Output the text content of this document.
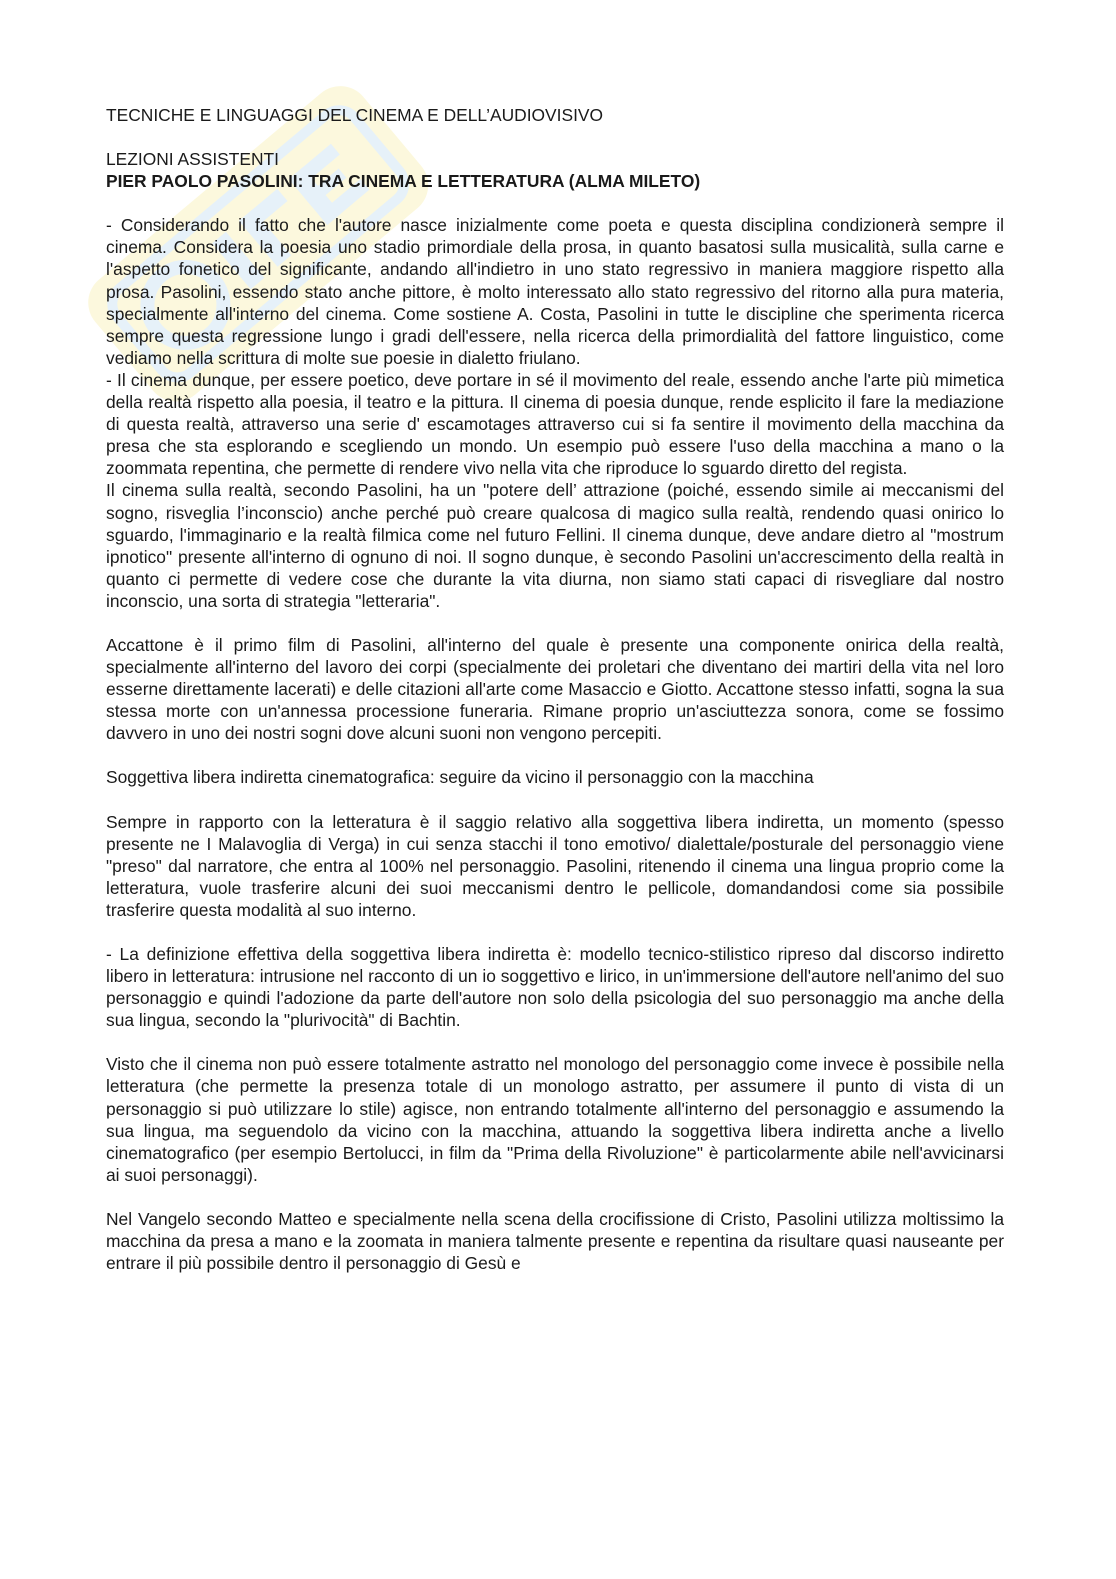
TECNICHE E LINGUAGGI DEL CINEMA E DELL’AUDIOVISIVO

LEZIONI ASSISTENTI

PIER PAOLO PASOLINI: TRA CINEMA E LETTERATURA (ALMA MILETO)

- Considerando il fatto che l'autore nasce inizialmente come poeta e questa disciplina condizionerà sempre il cinema. Considera la poesia uno stadio primordiale della prosa, in quanto basatosi sulla musicalità, sulla carne e l'aspetto fonetico del significante, andando all'indietro in uno stato regressivo in maniera maggiore rispetto alla prosa. Pasolini, essendo stato anche pittore, è molto interessato allo stato regressivo del ritorno alla pura materia, specialmente all'interno del cinema. Come sostiene A. Costa, Pasolini in tutte le discipline che sperimenta ricerca sempre questa regressione lungo i gradi dell'essere, nella ricerca della primordialità del fattore linguistico, come vediamo nella scrittura di molte sue poesie in dialetto friulano.

- Il cinema dunque, per essere poetico, deve portare in sé il movimento del reale, essendo anche l'arte più mimetica della realtà rispetto alla poesia, il teatro e la pittura. Il cinema di poesia dunque, rende esplicito il fare la mediazione di questa realtà, attraverso una serie d' escamotages attraverso cui si fa sentire il movimento della macchina da presa che sta esplorando e scegliendo un mondo. Un esempio può essere l'uso della macchina a mano o la zoommata repentina, che permette di rendere vivo nella vita che riproduce lo sguardo diretto del regista.

Il cinema sulla realtà, secondo Pasolini, ha un "potere dell’ attrazione (poiché, essendo simile ai meccanismi del sogno, risveglia l’inconscio) anche perché può creare qualcosa di magico sulla realtà, rendendo quasi onirico lo sguardo, l'immaginario e la realtà filmica come nel futuro Fellini. Il cinema dunque, deve andare dietro al "mostrum ipnotico" presente all'interno di ognuno di noi. Il sogno dunque, è secondo Pasolini un'accrescimento della realtà in quanto ci permette di vedere cose che durante la vita diurna, non siamo stati capaci di risvegliare dal nostro inconscio, una sorta di strategia "letteraria".

Accattone è il primo film di Pasolini, all'interno del quale è presente una componente onirica della realtà, specialmente all'interno del lavoro dei corpi (specialmente dei proletari che diventano dei martiri della vita nel loro esserne direttamente lacerati) e delle citazioni all'arte come Masaccio e Giotto. Accattone stesso infatti, sogna la sua stessa morte con un'annessa processione funeraria. Rimane proprio un'asciuttezza sonora, come se fossimo davvero in uno dei nostri sogni dove alcuni suoni non vengono percepiti.

Soggettiva libera indiretta cinematografica: seguire da vicino il personaggio con la macchina

Sempre in rapporto con la letteratura è il saggio relativo alla soggettiva libera indiretta, un momento (spesso presente ne I Malavoglia di Verga) in cui senza stacchi il tono emotivo/ dialettale/posturale del personaggio viene "preso" dal narratore, che entra al 100% nel personaggio. Pasolini, ritenendo il cinema una lingua proprio come la letteratura, vuole trasferire alcuni dei suoi meccanismi dentro le pellicole, domandandosi come sia possibile trasferire questa modalità al suo interno.

- La definizione effettiva della soggettiva libera indiretta è: modello tecnico-stilistico ripreso dal discorso indiretto libero in letteratura: intrusione nel racconto di un io soggettivo e lirico, in un'immersione dell'autore nell'animo del suo personaggio e quindi l'adozione da parte dell'autore non solo della psicologia del suo personaggio ma anche della sua lingua, secondo la "plurivocità" di Bachtin.

Visto che il cinema non può essere totalmente astratto nel monologo del personaggio come invece è possibile nella letteratura (che permette la presenza totale di un monologo astratto, per assumere il punto di vista di un personaggio si può utilizzare lo stile) agisce, non entrando totalmente all'interno del personaggio e assumendo la sua lingua, ma seguendolo da vicino con la macchina, attuando la soggettiva libera indiretta anche a livello cinematografico (per esempio Bertolucci, in film da "Prima della Rivoluzione" è particolarmente abile nell'avvicinarsi ai suoi personaggi).

Nel Vangelo secondo Matteo e specialmente nella scena della crocifissione di Cristo, Pasolini utilizza moltissimo la macchina da presa a mano e la zoomata in maniera talmente presente e repentina da risultare quasi nauseante per entrare il più possibile dentro il personaggio di Gesù e
